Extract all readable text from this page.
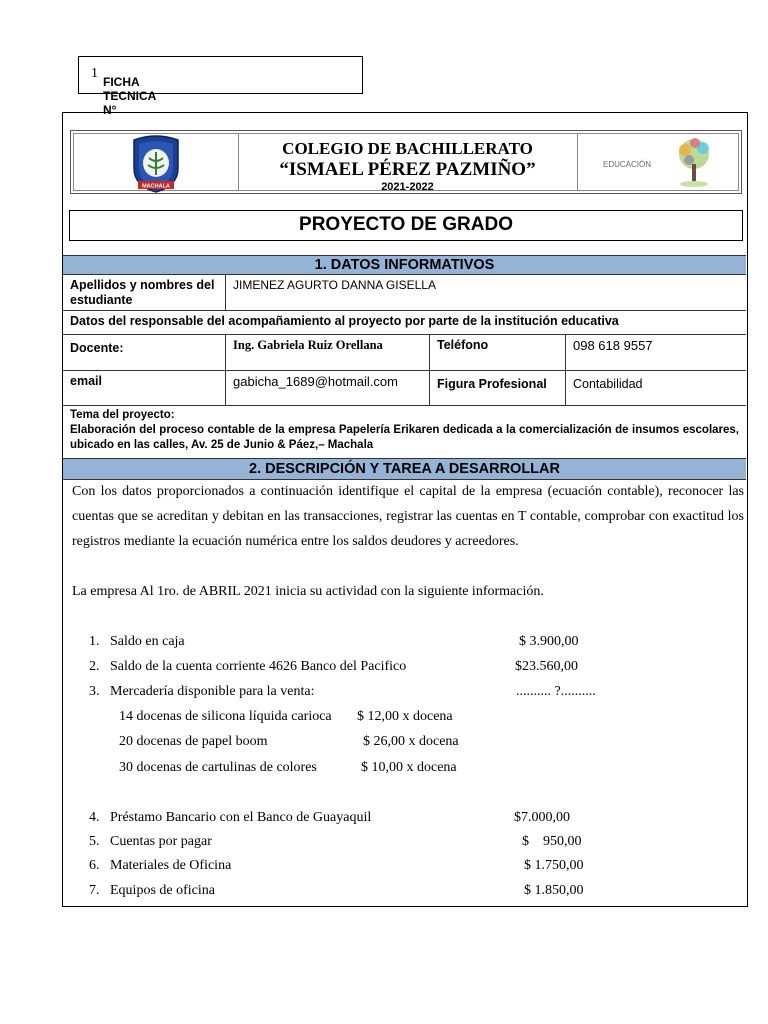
FICHA TECNICA N°
1
MACHALA
COLEGIO DE BACHILLERATO
“ISMAEL PÉREZ PAZMIÑO”
2021-2022
EDUCACIÓN
PROYECTO DE GRADO
1. DATOS INFORMATIVOS
Apellidos y nombres del estudiante
JIMENEZ AGURTO DANNA GISELLA
Datos del responsable del acompañamiento al proyecto por parte de la institución educativa
Docente:	Ing. Gabriela Ruiz Orellana	Teléfono	098 618 9557
email	gabicha_1689@hotmail.com	Figura Profesional	Contabilidad
Tema del proyecto:
Elaboración del proceso contable de la empresa Papelería Erikaren dedicada a la comercialización de insumos escolares, ubicado en las calles, Av. 25 de Junio & Páez,– Machala
2. DESCRIPCIÓN Y TAREA A DESARROLLAR
Con los datos proporcionados a continuación identifique el capital de la empresa (ecuación contable), reconocer las cuentas que se acreditan y debitan en las transacciones, registrar las cuentas en T contable, comprobar con exactitud los registros mediante la ecuación numérica entre los saldos deudores y acreedores.
La empresa Al 1ro. de ABRIL 2021 inicia su actividad con la siguiente información.
1. Saldo en caja	$ 3.900,00
2. Saldo de la cuenta corriente 4626 Banco del Pacifico	$23.560,00
3. Mercadería disponible para la venta:	.......... ?..........
14 docenas de silicona líquida carioca $ 12,00 x docena
20 docenas de papel boom	$ 26,00 x docena
30 docenas de cartulinas de colores	$ 10,00 x docena
4. Préstamo Bancario con el Banco de Guayaquil	$7.000,00
5. Cuentas por pagar	$    950,00
6. Materiales de Oficina	$ 1.750,00
7. Equipos de oficina	$ 1.850,00
